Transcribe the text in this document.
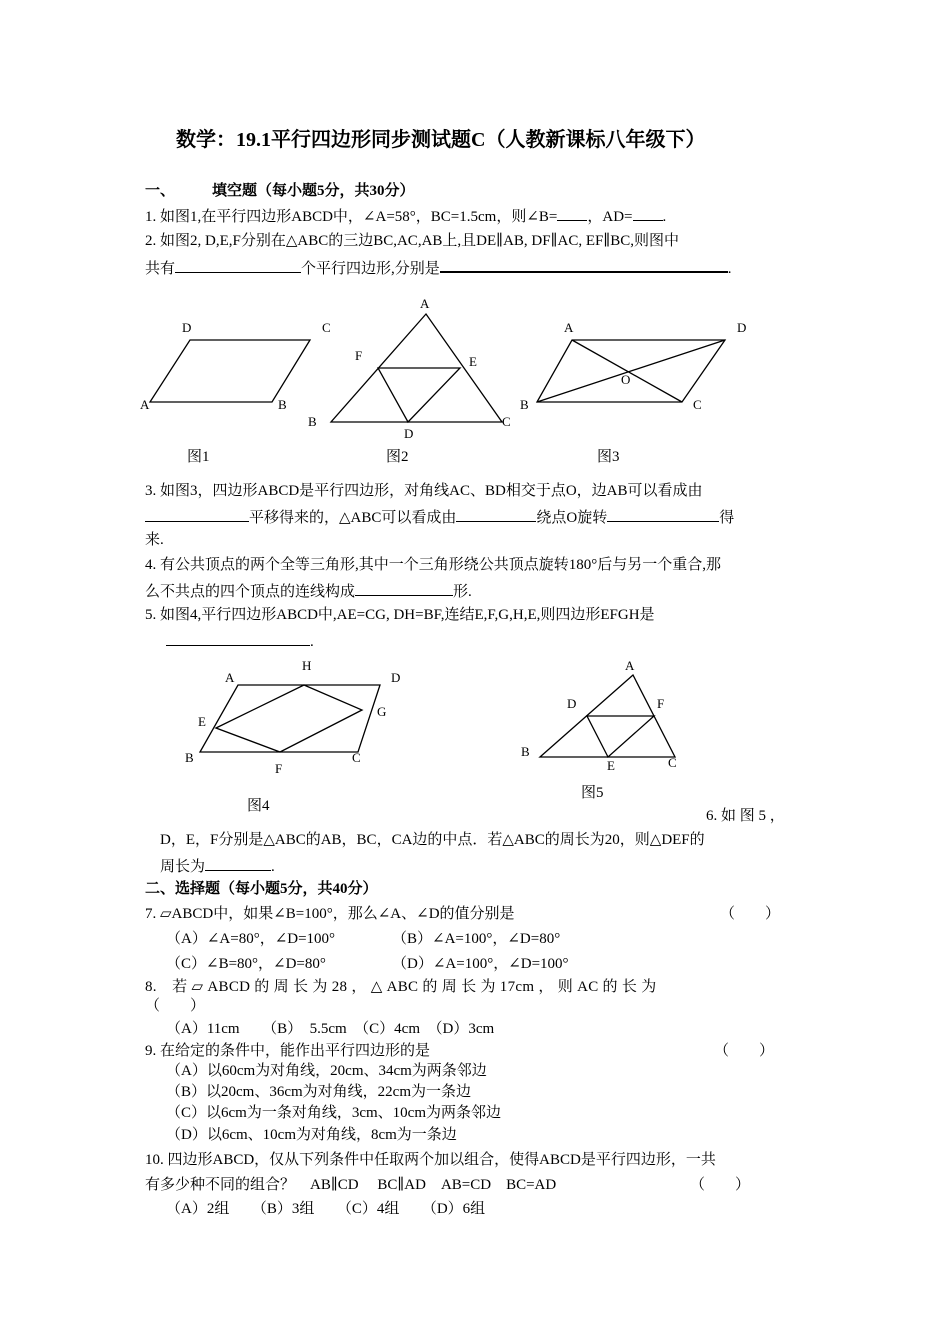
数学：19.1平行四边形同步测试题C（人教新课标八年级下）
一、 填空题（每小题5分，共30分）
1. 如图1,在平行四边形ABCD中，∠A=58°，BC=1.5cm，则∠B= ，AD= .
2. 如图2, D,E,F分别在△ABC的三边BC,AC,AB上,且DE∥AB, DF∥AC, EF∥BC,则图中
共有	个平行四边形,分别是	.
D	C
A	B
图1
A
F	E
B	C
D
图2
A	D
O
B	C
图3
3. 如图3，四边形ABCD是平行四边形，对角线AC、BD相交于点O，边AB可以看成由
平移得来的，△ABC可以看成由	绕点O旋转	得
来.
4. 有公共顶点的两个全等三角形,其中一个三角形绕公共顶点旋转180°后与另一个重合,那
么不共点的四个顶点的连线构成	形.
5. 如图4,平行四边形ABCD中,AE=CG, DH=BF,连结E,F,G,H,E,则四边形EFGH是
.
A
H
D
E
G
B	C
F
图4
A
D	F
B
E	C
图5
6. 如 图 5 ，
D，E，F分别是△ABC的AB，BC，CA边的中点．若△ABC的周长为20，则△DEF的
周长为	.
二、选择题（每小题5分，共40分）
7. ▱ABCD中，如果∠B=100°，那么∠A、∠D的值分别是	（　　）
（A）∠A=80°，∠D=100°	（B）∠A=100°，∠D=80°
（C）∠B=80°，∠D=80°	（D）∠A=100°，∠D=100°
8.　若 ▱ ABCD 的 周 长 为 28 ， △ ABC 的 周 长 为 17cm ， 则 AC 的 长 为
（　　）
（A）11cm　　（B）　5.5cm　（C）4cm　（D）3cm
9. 在给定的条件中，能作出平行四边形的是	（　　）
（A）以60cm为对角线，20cm、34cm为两条邻边
（B）以20cm、36cm为对角线，22cm为一条边
（C）以6cm为一条对角线，3cm、10cm为两条邻边
（D）以6cm、10cm为对角线，8cm为一条边
10. 四边形ABCD，仅从下列条件中任取两个加以组合，使得ABCD是平行四边形，一共
有多少种不同的组合？　AB∥CD　 BC∥AD　AB=CD　BC=AD	（　　）
（A）2组　　（B）3组　　（C）4组　　（D）6组
